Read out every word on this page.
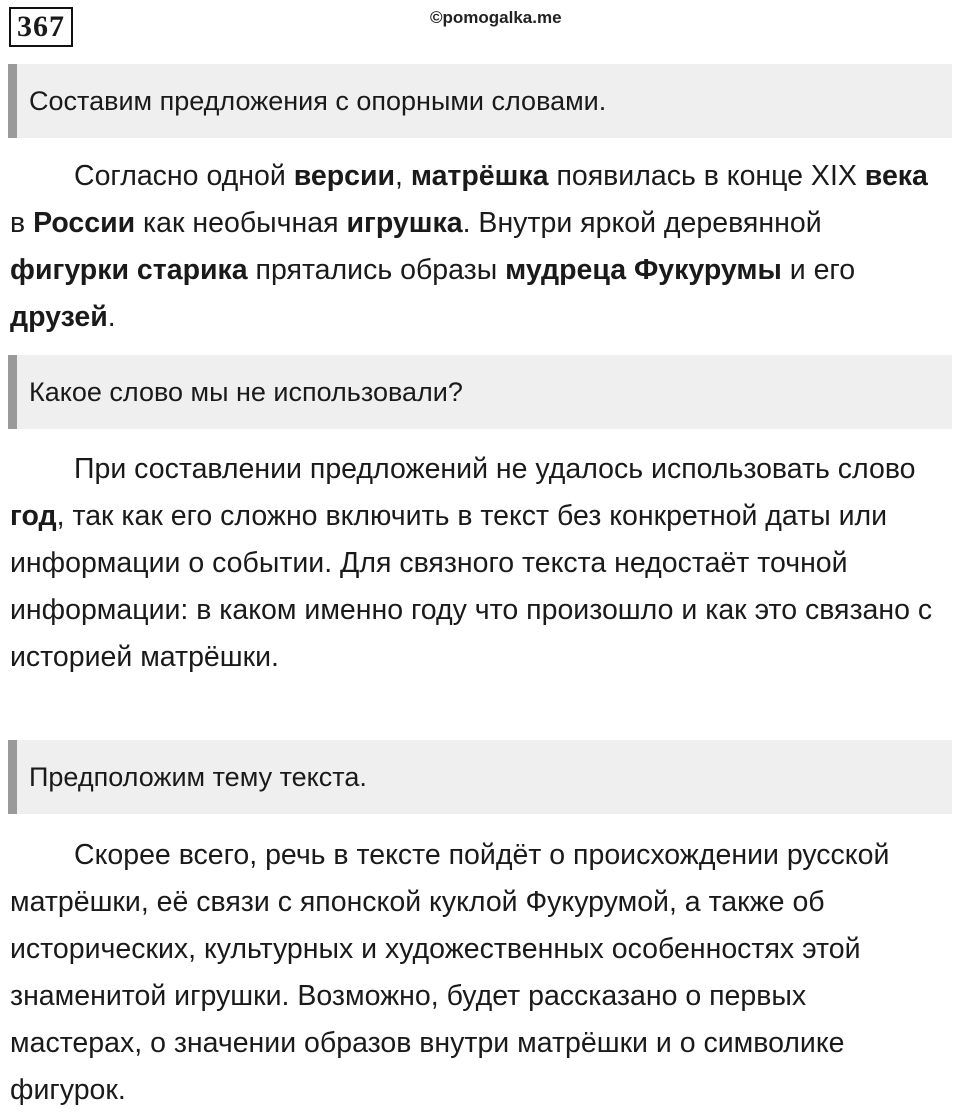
367	©pomogalka.me
Составим предложения с опорными словами.

Согласно одной версии, матрёшка появилась в конце XIX века в России как необычная игрушка. Внутри яркой деревянной фигурки старика прятались образы мудреца Фукурумы и его друзей.

Какое слово мы не использовали?

При составлении предложений не удалось использовать слово год, так как его сложно включить в текст без конкретной даты или информации о событии. Для связного текста недостаёт точной информации: в каком именно году что произошло и как это связано с историей матрёшки.

Предположим тему текста.

Скорее всего, речь в тексте пойдёт о происхождении русской матрёшки, её связи с японской куклой Фукурумой, а также об исторических, культурных и художественных особенностях этой знаменитой игрушки. Возможно, будет рассказано о первых мастерах, о значении образов внутри матрёшки и о символике фигурок.
